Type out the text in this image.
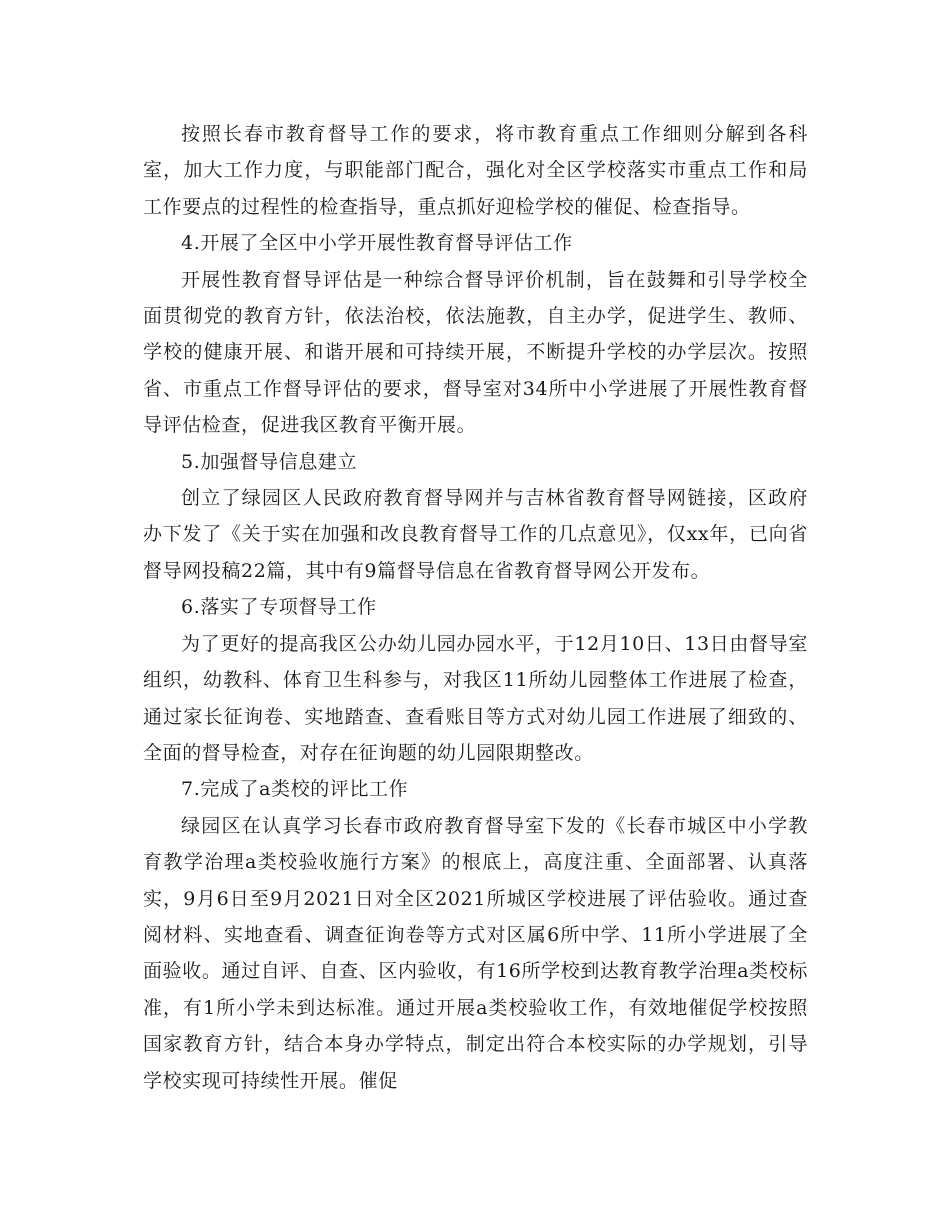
按照长春市教育督导工作的要求，将市教育重点工作细则分解到各科室，加大工作力度，与职能部门配合，强化对全区学校落实市重点工作和局工作要点的过程性的检查指导，重点抓好迎检学校的催促、检查指导。

4.开展了全区中小学开展性教育督导评估工作

开展性教育督导评估是一种综合督导评价机制，旨在鼓舞和引导学校全面贯彻党的教育方针，依法治校，依法施教，自主办学，促进学生、教师、学校的健康开展、和谐开展和可持续开展，不断提升学校的办学层次。按照省、市重点工作督导评估的要求，督导室对34所中小学进展了开展性教育督导评估检查，促进我区教育平衡开展。

5.加强督导信息建立

创立了绿园区人民政府教育督导网并与吉林省教育督导网链接，区政府办下发了《关于实在加强和改良教育督导工作的几点意见》，仅xx年，已向省督导网投稿22篇，其中有9篇督导信息在省教育督导网公开发布。

6.落实了专项督导工作

为了更好的提高我区公办幼儿园办园水平，于12月10日、13日由督导室组织，幼教科、体育卫生科参与，对我区11所幼儿园整体工作进展了检查，通过家长征询卷、实地踏查、查看账目等方式对幼儿园工作进展了细致的、全面的督导检查，对存在征询题的幼儿园限期整改。

7.完成了a类校的评比工作

绿园区在认真学习长春市政府教育督导室下发的《长春市城区中小学教育教学治理a类校验收施行方案》的根底上，高度注重、全面部署、认真落实，9月6日至9月2021日对全区2021所城区学校进展了评估验收。通过查阅材料、实地查看、调查征询卷等方式对区属6所中学、11所小学进展了全面验收。通过自评、自查、区内验收，有16所学校到达教育教学治理a类校标准，有1所小学未到达标准。通过开展a类校验收工作，有效地催促学校按照国家教育方针，结合本身办学特点，制定出符合本校实际的办学规划，引导学校实现可持续性开展。催促
